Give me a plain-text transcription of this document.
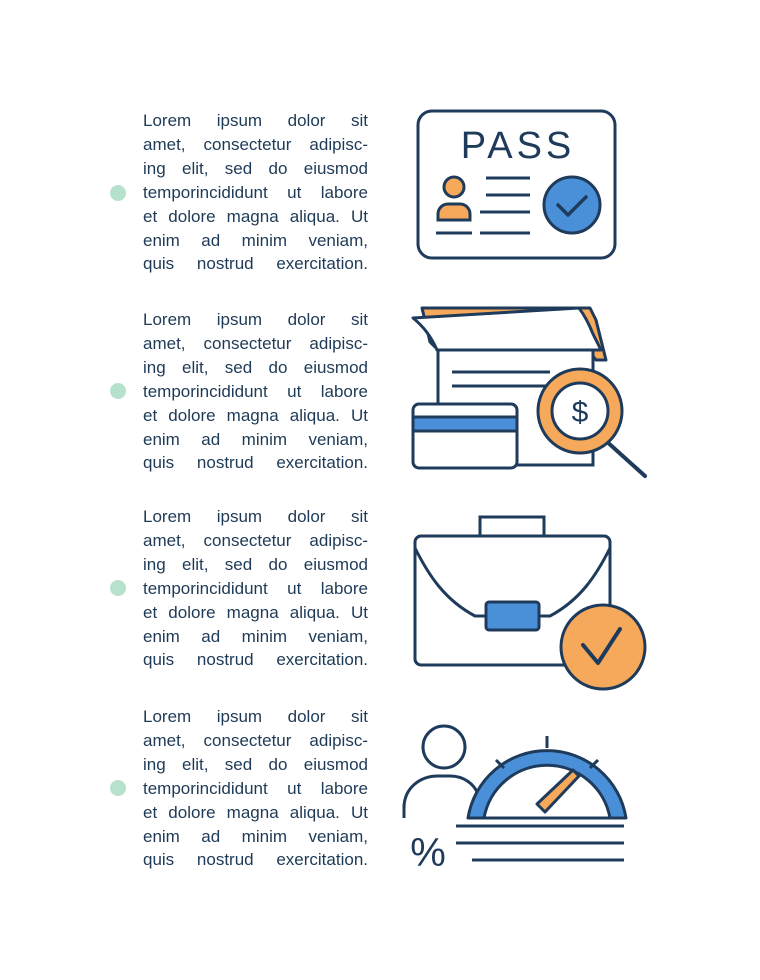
Lorem ipsum dolor sit
amet, consectetur adipisc-
ing elit, sed do eiusmod
temporincididunt ut labore
et dolore magna aliqua. Ut
enim ad minim veniam,
quis nostrud exercitation.

PASS

Lorem ipsum dolor sit
amet, consectetur adipisc-
ing elit, sed do eiusmod
temporincididunt ut labore
et dolore magna aliqua. Ut
enim ad minim veniam,
quis nostrud exercitation.

$

Lorem ipsum dolor sit
amet, consectetur adipisc-
ing elit, sed do eiusmod
temporincididunt ut labore
et dolore magna aliqua. Ut
enim ad minim veniam,
quis nostrud exercitation.

Lorem ipsum dolor sit
amet, consectetur adipisc-
ing elit, sed do eiusmod
temporincididunt ut labore
et dolore magna aliqua. Ut
enim ad minim veniam,
quis nostrud exercitation. %
